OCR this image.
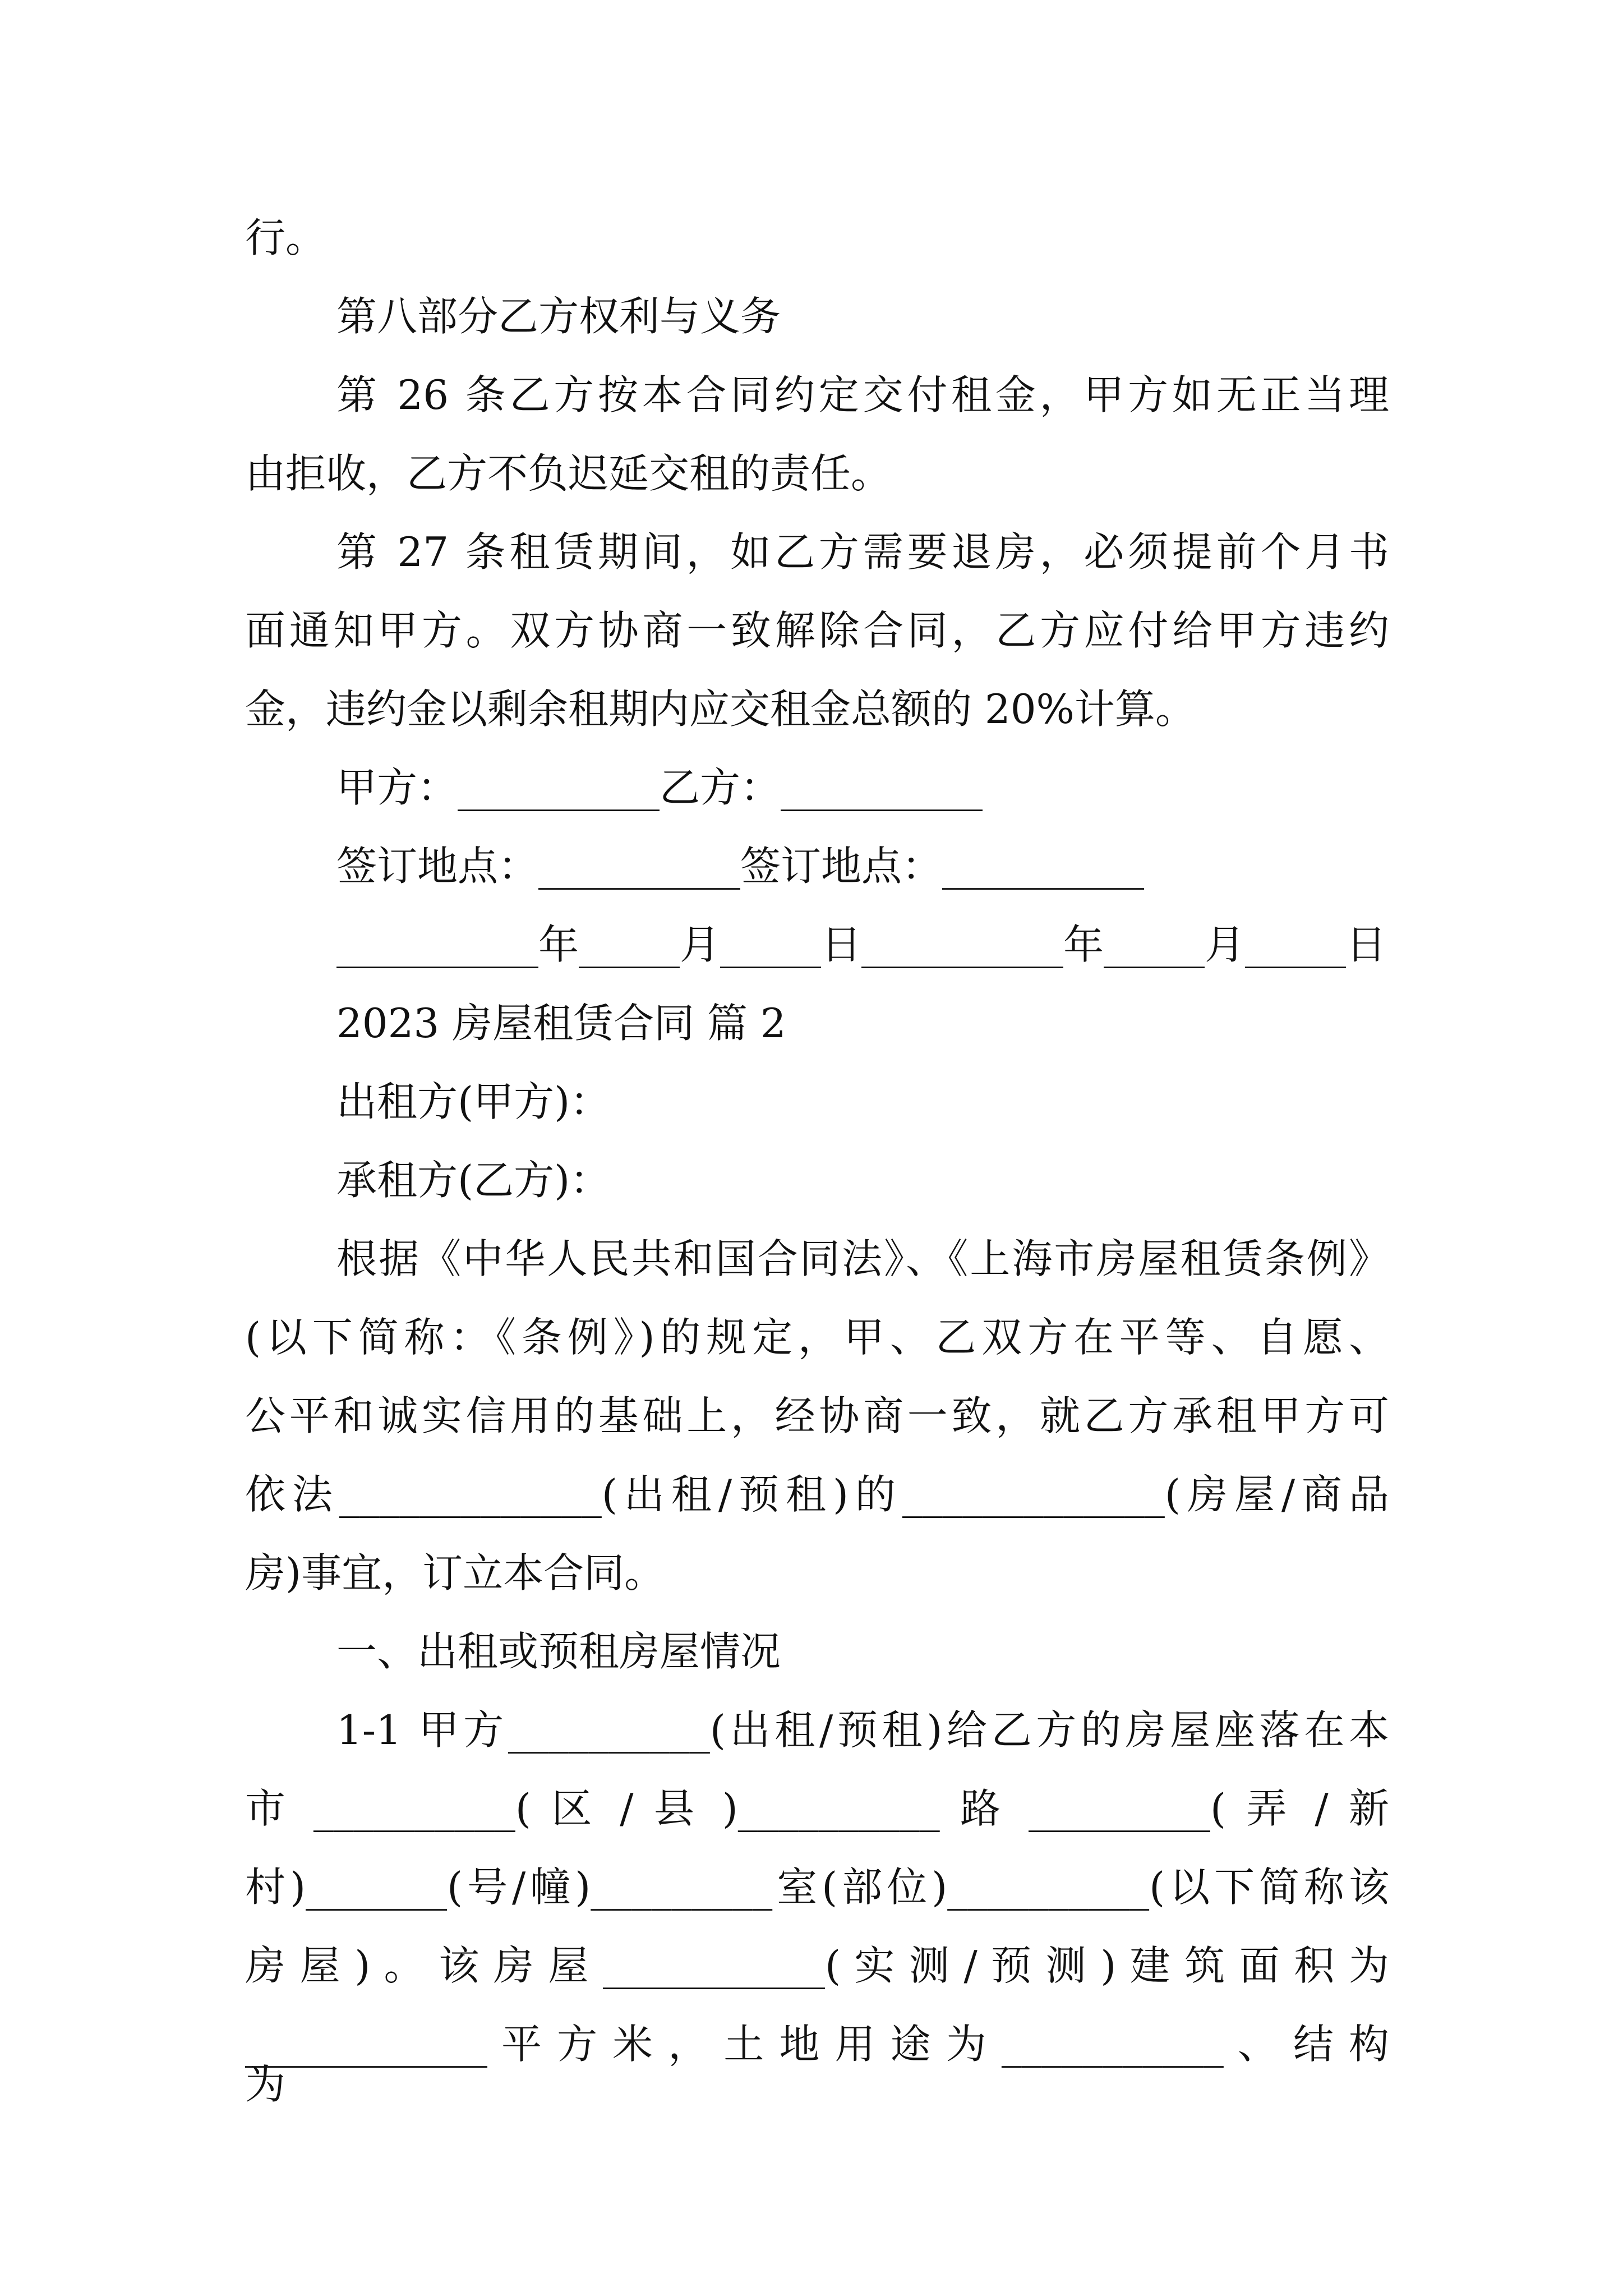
行。
第八部分乙方权利与义务
第 26 条乙方按本合同约定交付租金，甲方如无正当理
由拒收，乙方不负迟延交租的责任。
第 27 条租赁期间，如乙方需要退房，必须提前个月书
面通知甲方。双方协商一致解除合同，乙方应付给甲方违约
金，违约金以剩余租期内应交租金总额的 20%计算。
甲方：__________乙方：__________
签订地点：__________签订地点：__________
__________年_____月_____日__________年_____月_____日
2023 房屋租赁合同 篇 2
出租方(甲方)：
承租方(乙方)：
根据《中华人民共和国合同法》、《上海市房屋租赁条例》
(以下简称：《条例》)的规定，甲、乙双方在平等、自愿、
公平和诚实信用的基础上，经协商一致，就乙方承租甲方可
依法_____________(出租/预租)的_____________(房屋/商品
房)事宜，订立本合同。
一、出租或预租房屋情况
1-1 甲方__________(出租/预租)给乙方的房屋座落在本
市 __________( 区 / 县 )__________ 路 _________( 弄 / 新
村)_______(号/幢)_________室(部位)__________(以下简称该
房 屋 ) 。 该 房 屋 ___________( 实 测 / 预 测 ) 建 筑 面 积 为
____________ 平 方 米 ， 土 地 用 途 为 ___________ 、 结 构 为
